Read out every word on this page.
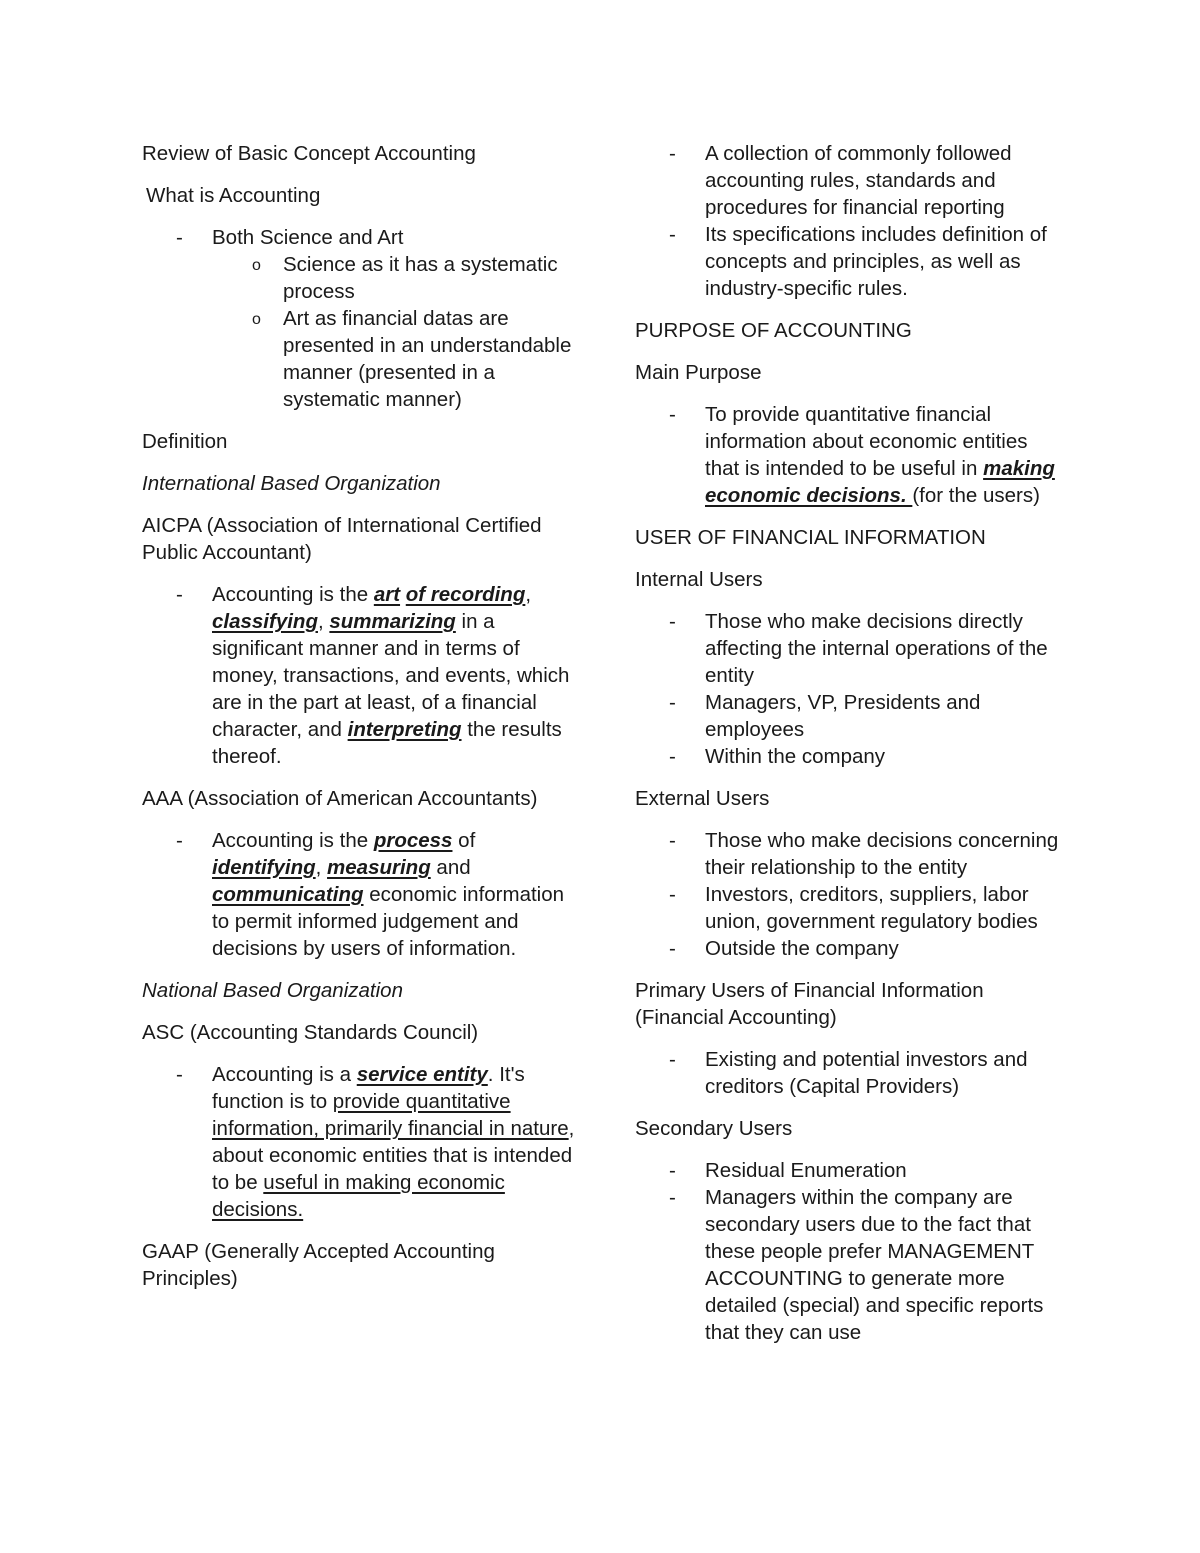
Review of Basic Concept Accounting

What is Accounting

- Both Science and Art
o Science as it has a systematic process
o Art as financial datas are presented in an understandable manner (presented in a systematic manner)

Definition

International Based Organization

AICPA (Association of International Certified Public Accountant)

- Accounting is the art of recording, classifying, summarizing in a significant manner and in terms of money, transactions, and events, which are in the part at least, of a financial character, and interpreting the results thereof.

AAA (Association of American Accountants)

- Accounting is the process of identifying, measuring and communicating economic information to permit informed judgement and decisions by users of information.

National Based Organization

ASC (Accounting Standards Council)

- Accounting is a service entity. It's function is to provide quantitative information, primarily financial in nature, about economic entities that is intended to be useful in making economic decisions.

GAAP (Generally Accepted Accounting Principles)

- A collection of commonly followed accounting rules, standards and procedures for financial reporting
- Its specifications includes definition of concepts and principles, as well as industry-specific rules.

PURPOSE OF ACCOUNTING

Main Purpose

- To provide quantitative financial information about economic entities that is intended to be useful in making economic decisions. (for the users)

USER OF FINANCIAL INFORMATION

Internal Users

- Those who make decisions directly affecting the internal operations of the entity
- Managers, VP, Presidents and employees
- Within the company

External Users

- Those who make decisions concerning their relationship to the entity
- Investors, creditors, suppliers, labor union, government regulatory bodies
- Outside the company

Primary Users of Financial Information (Financial Accounting)

- Existing and potential investors and creditors (Capital Providers)

Secondary Users

- Residual Enumeration
- Managers within the company are secondary users due to the fact that these people prefer MANAGEMENT ACCOUNTING to generate more detailed (special) and specific reports that they can use
